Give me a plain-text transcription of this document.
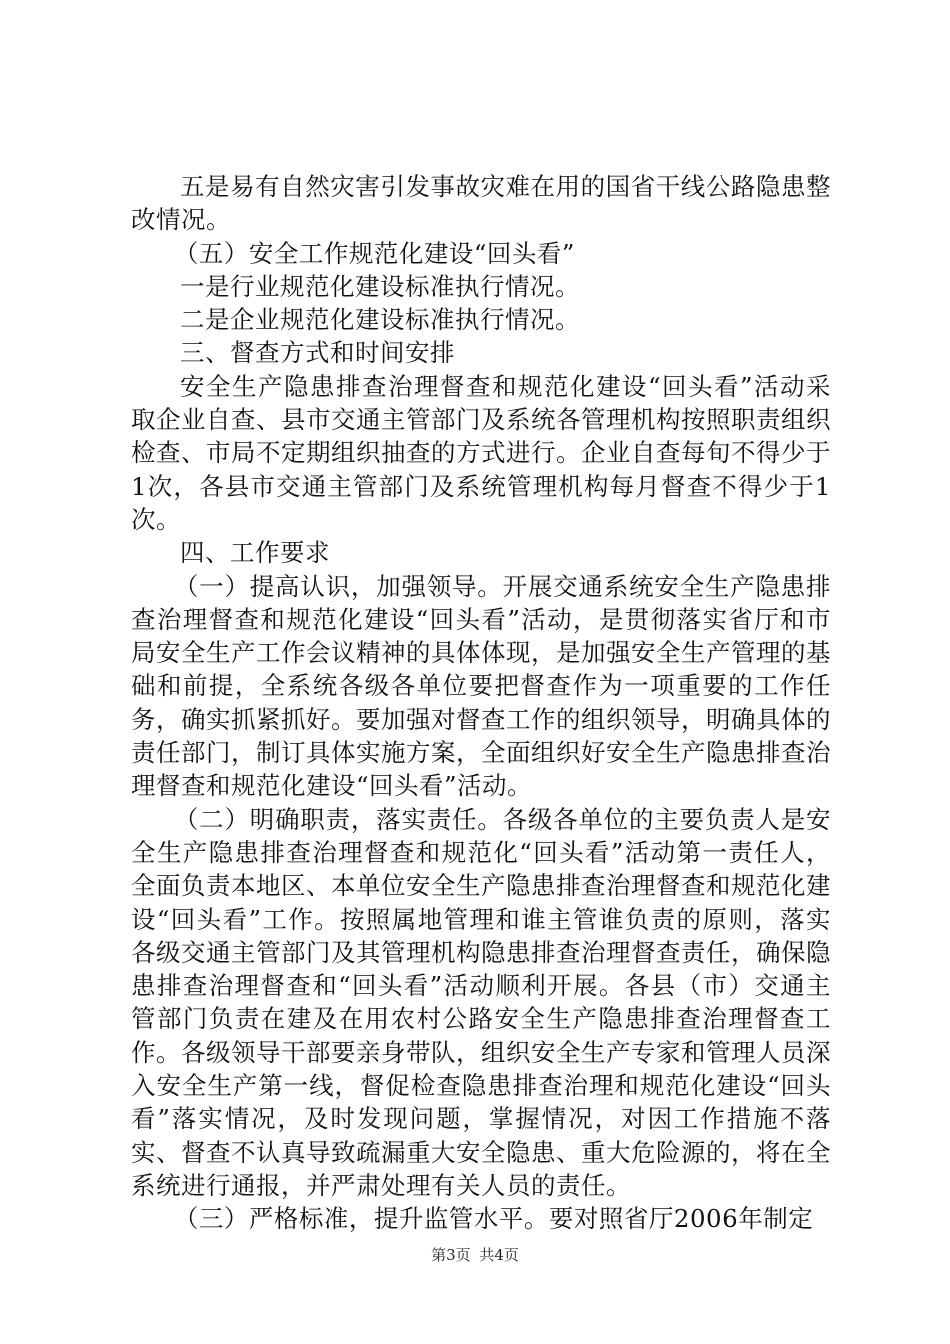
五是易有自然灾害引发事故灾难在用的国省干线公路隐患整改情况。

（五）安全工作规范化建设“回头看”

一是行业规范化建设标准执行情况。

二是企业规范化建设标准执行情况。

三、督查方式和时间安排

安全生产隐患排查治理督查和规范化建设“回头看”活动采取企业自查、县市交通主管部门及系统各管理机构按照职责组织检查、市局不定期组织抽查的方式进行。企业自查每旬不得少于1次，各县市交通主管部门及系统管理机构每月督查不得少于1次。

四、工作要求

（一）提高认识，加强领导。开展交通系统安全生产隐患排查治理督查和规范化建设“回头看”活动，是贯彻落实省厅和市局安全生产工作会议精神的具体体现，是加强安全生产管理的基础和前提，全系统各级各单位要把督查作为一项重要的工作任务，确实抓紧抓好。要加强对督查工作的组织领导，明确具体的责任部门，制订具体实施方案，全面组织好安全生产隐患排查治理督查和规范化建设“回头看”活动。

（二）明确职责，落实责任。各级各单位的主要负责人是安全生产隐患排查治理督查和规范化“回头看”活动第一责任人，全面负责本地区、本单位安全生产隐患排查治理督查和规范化建设“回头看”工作。按照属地管理和谁主管谁负责的原则，落实各级交通主管部门及其管理机构隐患排查治理督查责任，确保隐患排查治理督查和“回头看”活动顺利开展。各县（市）交通主管部门负责在建及在用农村公路安全生产隐患排查治理督查工作。各级领导干部要亲身带队，组织安全生产专家和管理人员深入安全生产第一线，督促检查隐患排查治理和规范化建设“回头看”落实情况，及时发现问题，掌握情况，对因工作措施不落实、督查不认真导致疏漏重大安全隐患、重大危险源的，将在全系统进行通报，并严肃处理有关人员的责任。

（三）严格标准，提升监管水平。要对照省厅2006年制定

第3页 共4页
